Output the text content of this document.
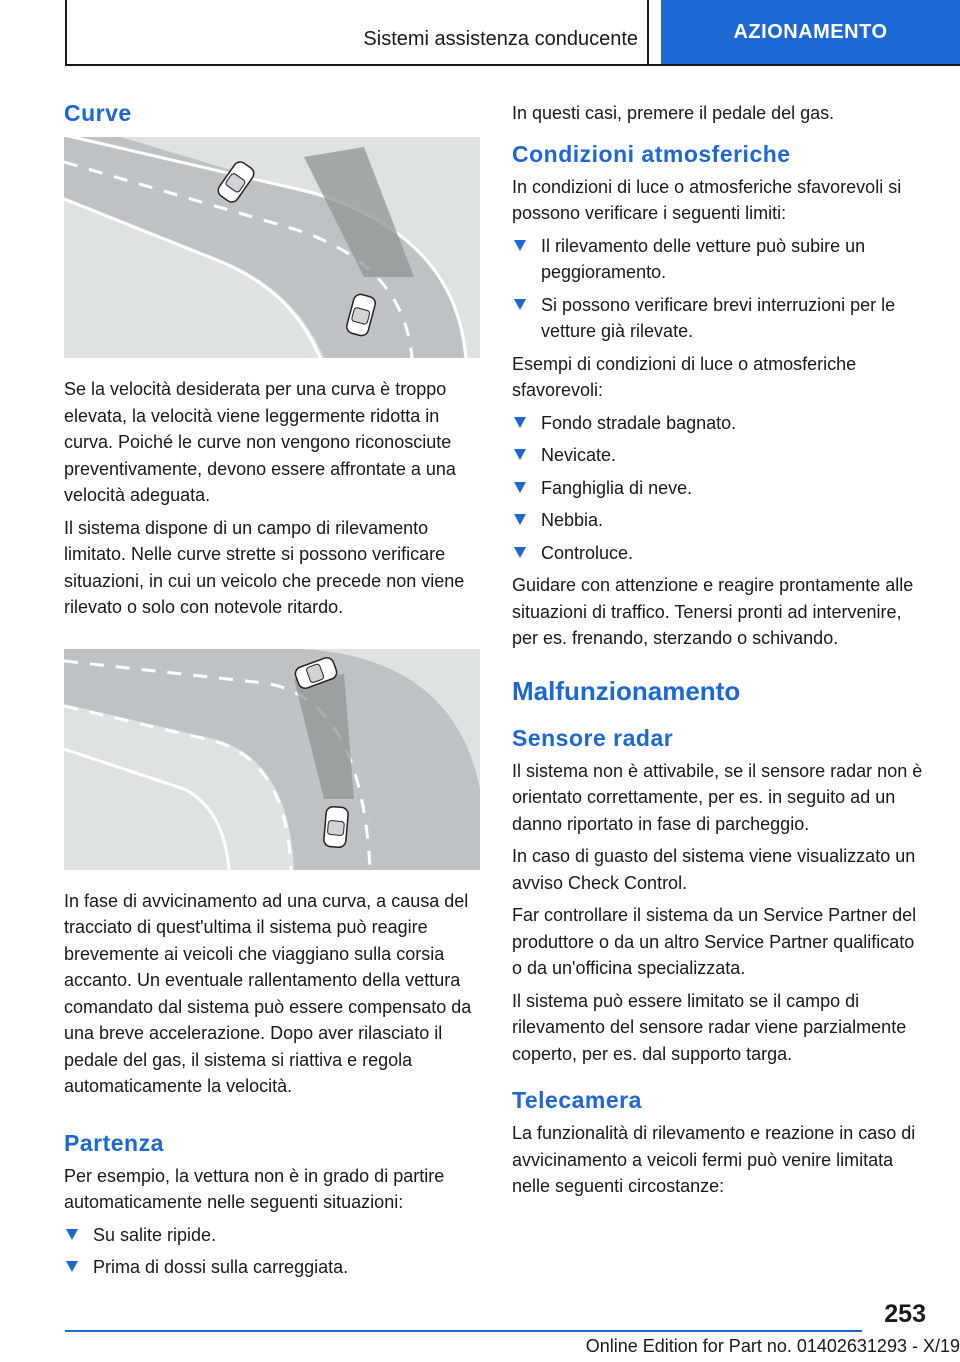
Sistemi assistenza conducente	AZIONAMENTO
Curve
Se la velocità desiderata per una curva è troppo elevata, la velocità viene leggermente ridotta in curva. Poiché le curve non vengono riconosciute preventivamente, devono essere affrontate a una velocità adeguata.
Il sistema dispone di un campo di rilevamento limitato. Nelle curve strette si possono verificare situazioni, in cui un veicolo che precede non viene rilevato o solo con notevole ritardo.
In fase di avvicinamento ad una curva, a causa del tracciato di quest'ultima il sistema può reagire brevemente ai veicoli che viaggiano sulla corsia accanto. Un eventuale rallentamento della vettura comandato dal sistema può essere compensato da una breve accelerazione. Dopo aver rilasciato il pedale del gas, il sistema si riattiva e regola automaticamente la velocità.
Partenza
Per esempio, la vettura non è in grado di partire automaticamente nelle seguenti situazioni:
Su salite ripide.
Prima di dossi sulla carreggiata.
In questi casi, premere il pedale del gas.
Condizioni atmosferiche
In condizioni di luce o atmosferiche sfavorevoli si possono verificare i seguenti limiti:
Il rilevamento delle vetture può subire un peggioramento.
Si possono verificare brevi interruzioni per le vetture già rilevate.
Esempi di condizioni di luce o atmosferiche sfavorevoli:
Fondo stradale bagnato.
Nevicate.
Fanghiglia di neve.
Nebbia.
Controluce.
Guidare con attenzione e reagire prontamente alle situazioni di traffico. Tenersi pronti ad intervenire, per es. frenando, sterzando o schivando.
Malfunzionamento
Sensore radar
Il sistema non è attivabile, se il sensore radar non è orientato correttamente, per es. in seguito ad un danno riportato in fase di parcheggio.
In caso di guasto del sistema viene visualizzato un avviso Check Control.
Far controllare il sistema da un Service Partner del produttore o da un altro Service Partner qualificato o da un'officina specializzata.
Il sistema può essere limitato se il campo di rilevamento del sensore radar viene parzialmente coperto, per es. dal supporto targa.
Telecamera
La funzionalità di rilevamento e reazione in caso di avvicinamento a veicoli fermi può venire limitata nelle seguenti circostanze:
253
Online Edition for Part no. 01402631293 - X/19
